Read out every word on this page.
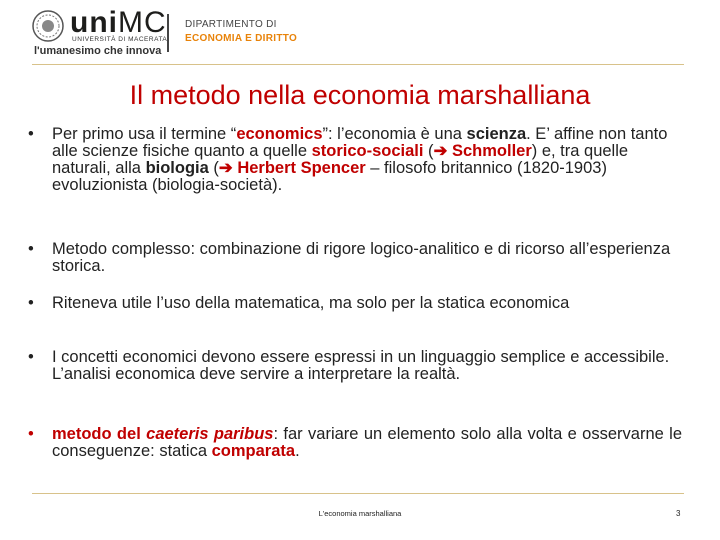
uniMC
UNIVERSITÀ DI MACERATA
l'umanesimo che innova
DIPARTIMENTO DI
ECONOMIA E DIRITTO
Il metodo nella economia marshalliana
•	Per primo usa il termine “economics”: l’economia è una scienza. E’ affine non tanto alle scienze fisiche quanto a quelle storico-sociali (➔ Schmoller) e, tra quelle naturali, alla biologia (➔ Herbert Spencer – filosofo britannico (1820-1903) evoluzionista (biologia-società).
•	Metodo complesso: combinazione di rigore logico-analitico e di ricorso all’esperienza storica.
•	Riteneva utile l’uso della matematica, ma solo per la statica economica
•	I concetti economici devono essere espressi in un linguaggio semplice e accessibile. L’analisi economica deve servire a interpretare la realtà.
•	metodo del caeteris paribus: far variare un elemento solo alla volta e osservarne le conseguenze: statica comparata.
L'economia marshalliana	3
